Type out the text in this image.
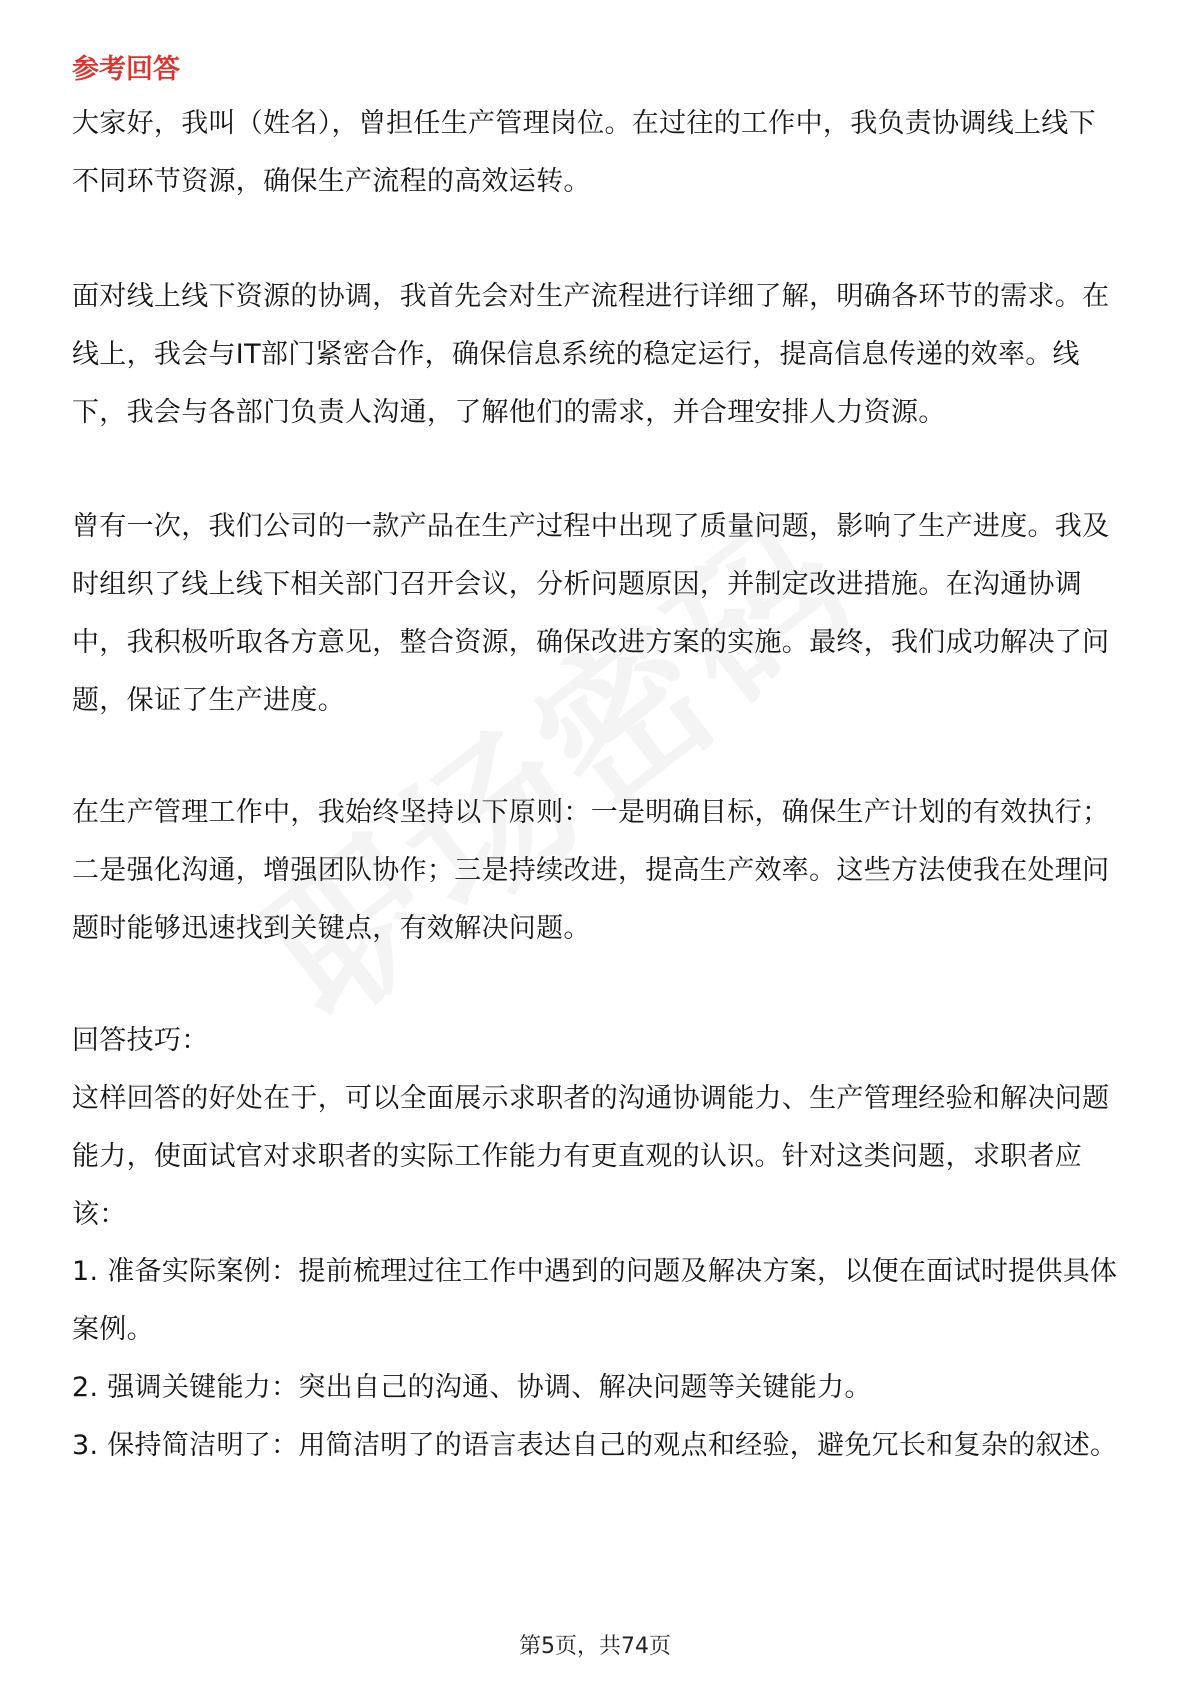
参考回答

大家好，我叫（姓名），曾担任生产管理岗位。在过往的工作中，我负责协调线上线下不同环节资源，确保生产流程的高效运转。

面对线上线下资源的协调，我首先会对生产流程进行详细了解，明确各环节的需求。在线上，我会与IT部门紧密合作，确保信息系统的稳定运行，提高信息传递的效率。线下，我会与各部门负责人沟通，了解他们的需求，并合理安排人力资源。

曾有一次，我们公司的一款产品在生产过程中出现了质量问题，影响了生产进度。我及时组织了线上线下相关部门召开会议，分析问题原因，并制定改进措施。在沟通协调中，我积极听取各方意见，整合资源，确保改进方案的实施。最终，我们成功解决了问题，保证了生产进度。

在生产管理工作中，我始终坚持以下原则：一是明确目标，确保生产计划的有效执行；二是强化沟通，增强团队协作；三是持续改进，提高生产效率。这些方法使我在处理问题时能够迅速找到关键点，有效解决问题。

回答技巧：

这样回答的好处在于，可以全面展示求职者的沟通协调能力、生产管理经验和解决问题能力，使面试官对求职者的实际工作能力有更直观的认识。针对这类问题，求职者应该：

1. 准备实际案例：提前梳理过往工作中遇到的问题及解决方案，以便在面试时提供具体案例。

2. 强调关键能力：突出自己的沟通、协调、解决问题等关键能力。

3. 保持简洁明了：用简洁明了的语言表达自己的观点和经验，避免冗长和复杂的叙述。

第5页，共74页
